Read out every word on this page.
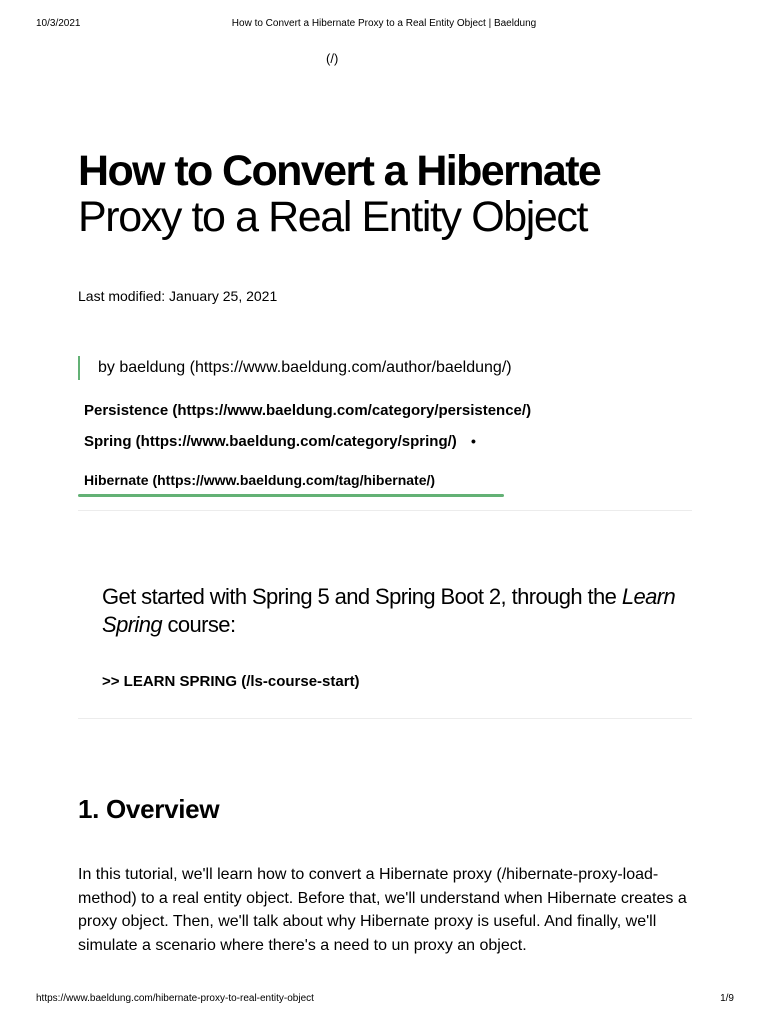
10/3/2021	How to Convert a Hibernate Proxy to a Real Entity Object | Baeldung
(/)
How to Convert a Hibernate
Proxy to a Real Entity Object
Last modified: January 25, 2021
by baeldung (https://www.baeldung.com/author/baeldung/)
Persistence (https://www.baeldung.com/category/persistence/)
Spring (https://www.baeldung.com/category/spring/) •
Hibernate (https://www.baeldung.com/tag/hibernate/)
Get started with Spring 5 and Spring Boot 2, through the Learn Spring course:
>> LEARN SPRING (/ls-course-start)
1. Overview

In this tutorial, we'll learn how to convert a Hibernate proxy (/hibernate-proxy-load-method) to a real entity object. Before that, we'll understand when Hibernate creates a proxy object. Then, we'll talk about why Hibernate proxy is useful. And finally, we'll simulate a scenario where there's a need to un proxy an object.

https://www.baeldung.com/hibernate-proxy-to-real-entity-object	1/9
